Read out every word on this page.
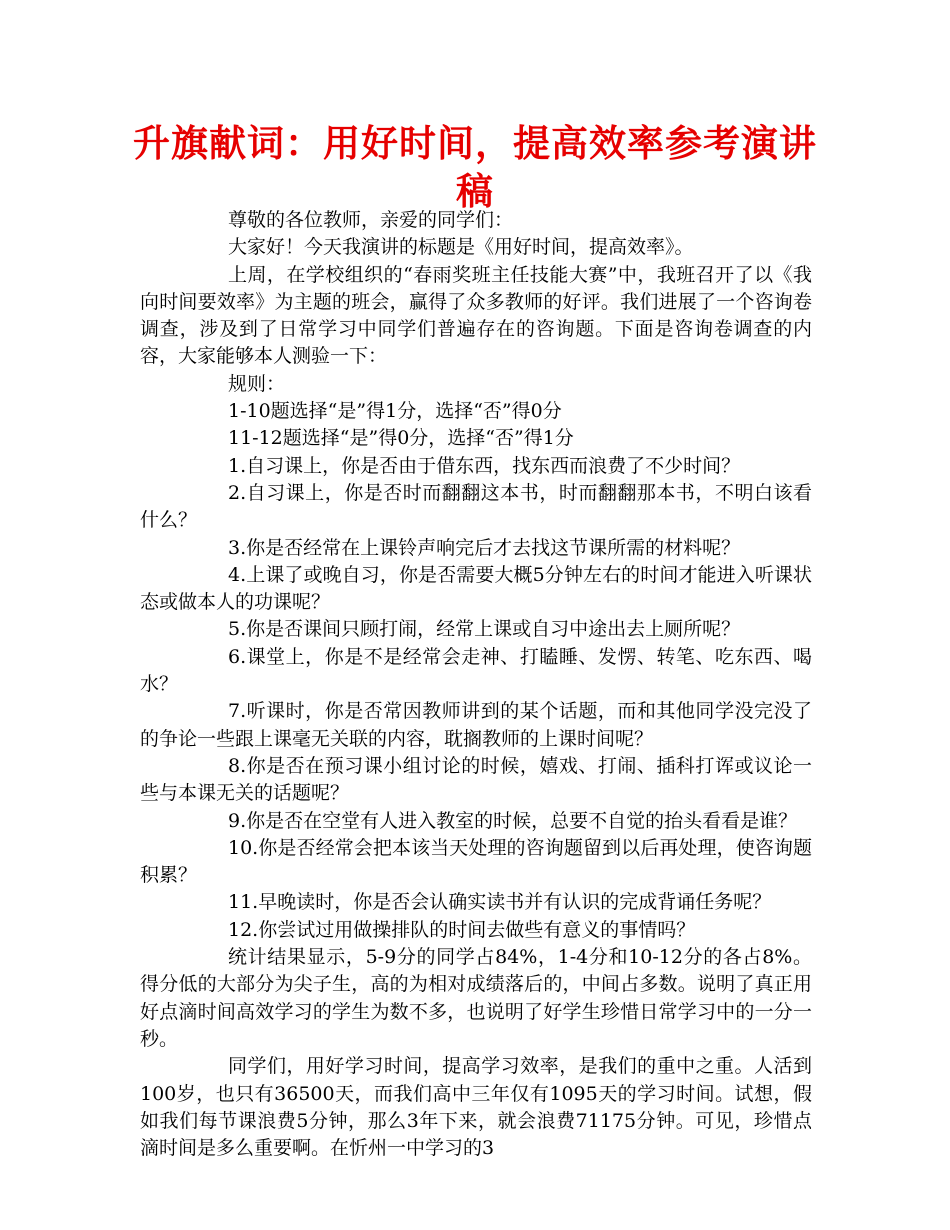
升旗献词：用好时间，提高效率参考演讲稿

尊敬的各位教师，亲爱的同学们：

大家好！今天我演讲的标题是《用好时间，提高效率》。

上周，在学校组织的“春雨奖班主任技能大赛”中，我班召开了以《我向时间要效率》为主题的班会，赢得了众多教师的好评。我们进展了一个咨询卷调查，涉及到了日常学习中同学们普遍存在的咨询题。下面是咨询卷调查的内容，大家能够本人测验一下：

规则：

1-10题选择“是”得1分，选择“否”得0分

11-12题选择“是”得0分，选择“否”得1分

1.自习课上，你是否由于借东西，找东西而浪费了不少时间？

2.自习课上，你是否时而翻翻这本书，时而翻翻那本书，不明白该看什么？

3.你是否经常在上课铃声响完后才去找这节课所需的材料呢？

4.上课了或晚自习，你是否需要大概5分钟左右的时间才能进入听课状态或做本人的功课呢？

5.你是否课间只顾打闹，经常上课或自习中途出去上厕所呢？

6.课堂上，你是不是经常会走神、打瞌睡、发愣、转笔、吃东西、喝水？

7.听课时，你是否常因教师讲到的某个话题，而和其他同学没完没了的争论一些跟上课毫无关联的内容，耽搁教师的上课时间呢？

8.你是否在预习课小组讨论的时候，嬉戏、打闹、插科打诨或议论一些与本课无关的话题呢？

9.你是否在空堂有人进入教室的时候，总要不自觉的抬头看看是谁？

10.你是否经常会把本该当天处理的咨询题留到以后再处理，使咨询题积累？

11.早晚读时，你是否会认确实读书并有认识的完成背诵任务呢？

12.你尝试过用做操排队的时间去做些有意义的事情吗？

统计结果显示，5-9分的同学占84%，1-4分和10-12分的各占8%。得分低的大部分为尖子生，高的为相对成绩落后的，中间占多数。说明了真正用好点滴时间高效学习的学生为数不多，也说明了好学生珍惜日常学习中的一分一秒。

同学们，用好学习时间，提高学习效率，是我们的重中之重。人活到100岁，也只有36500天，而我们高中三年仅有1095天的学习时间。试想，假如我们每节课浪费5分钟，那么3年下来，就会浪费71175分钟。可见，珍惜点滴时间是多么重要啊。在忻州一中学习的3
